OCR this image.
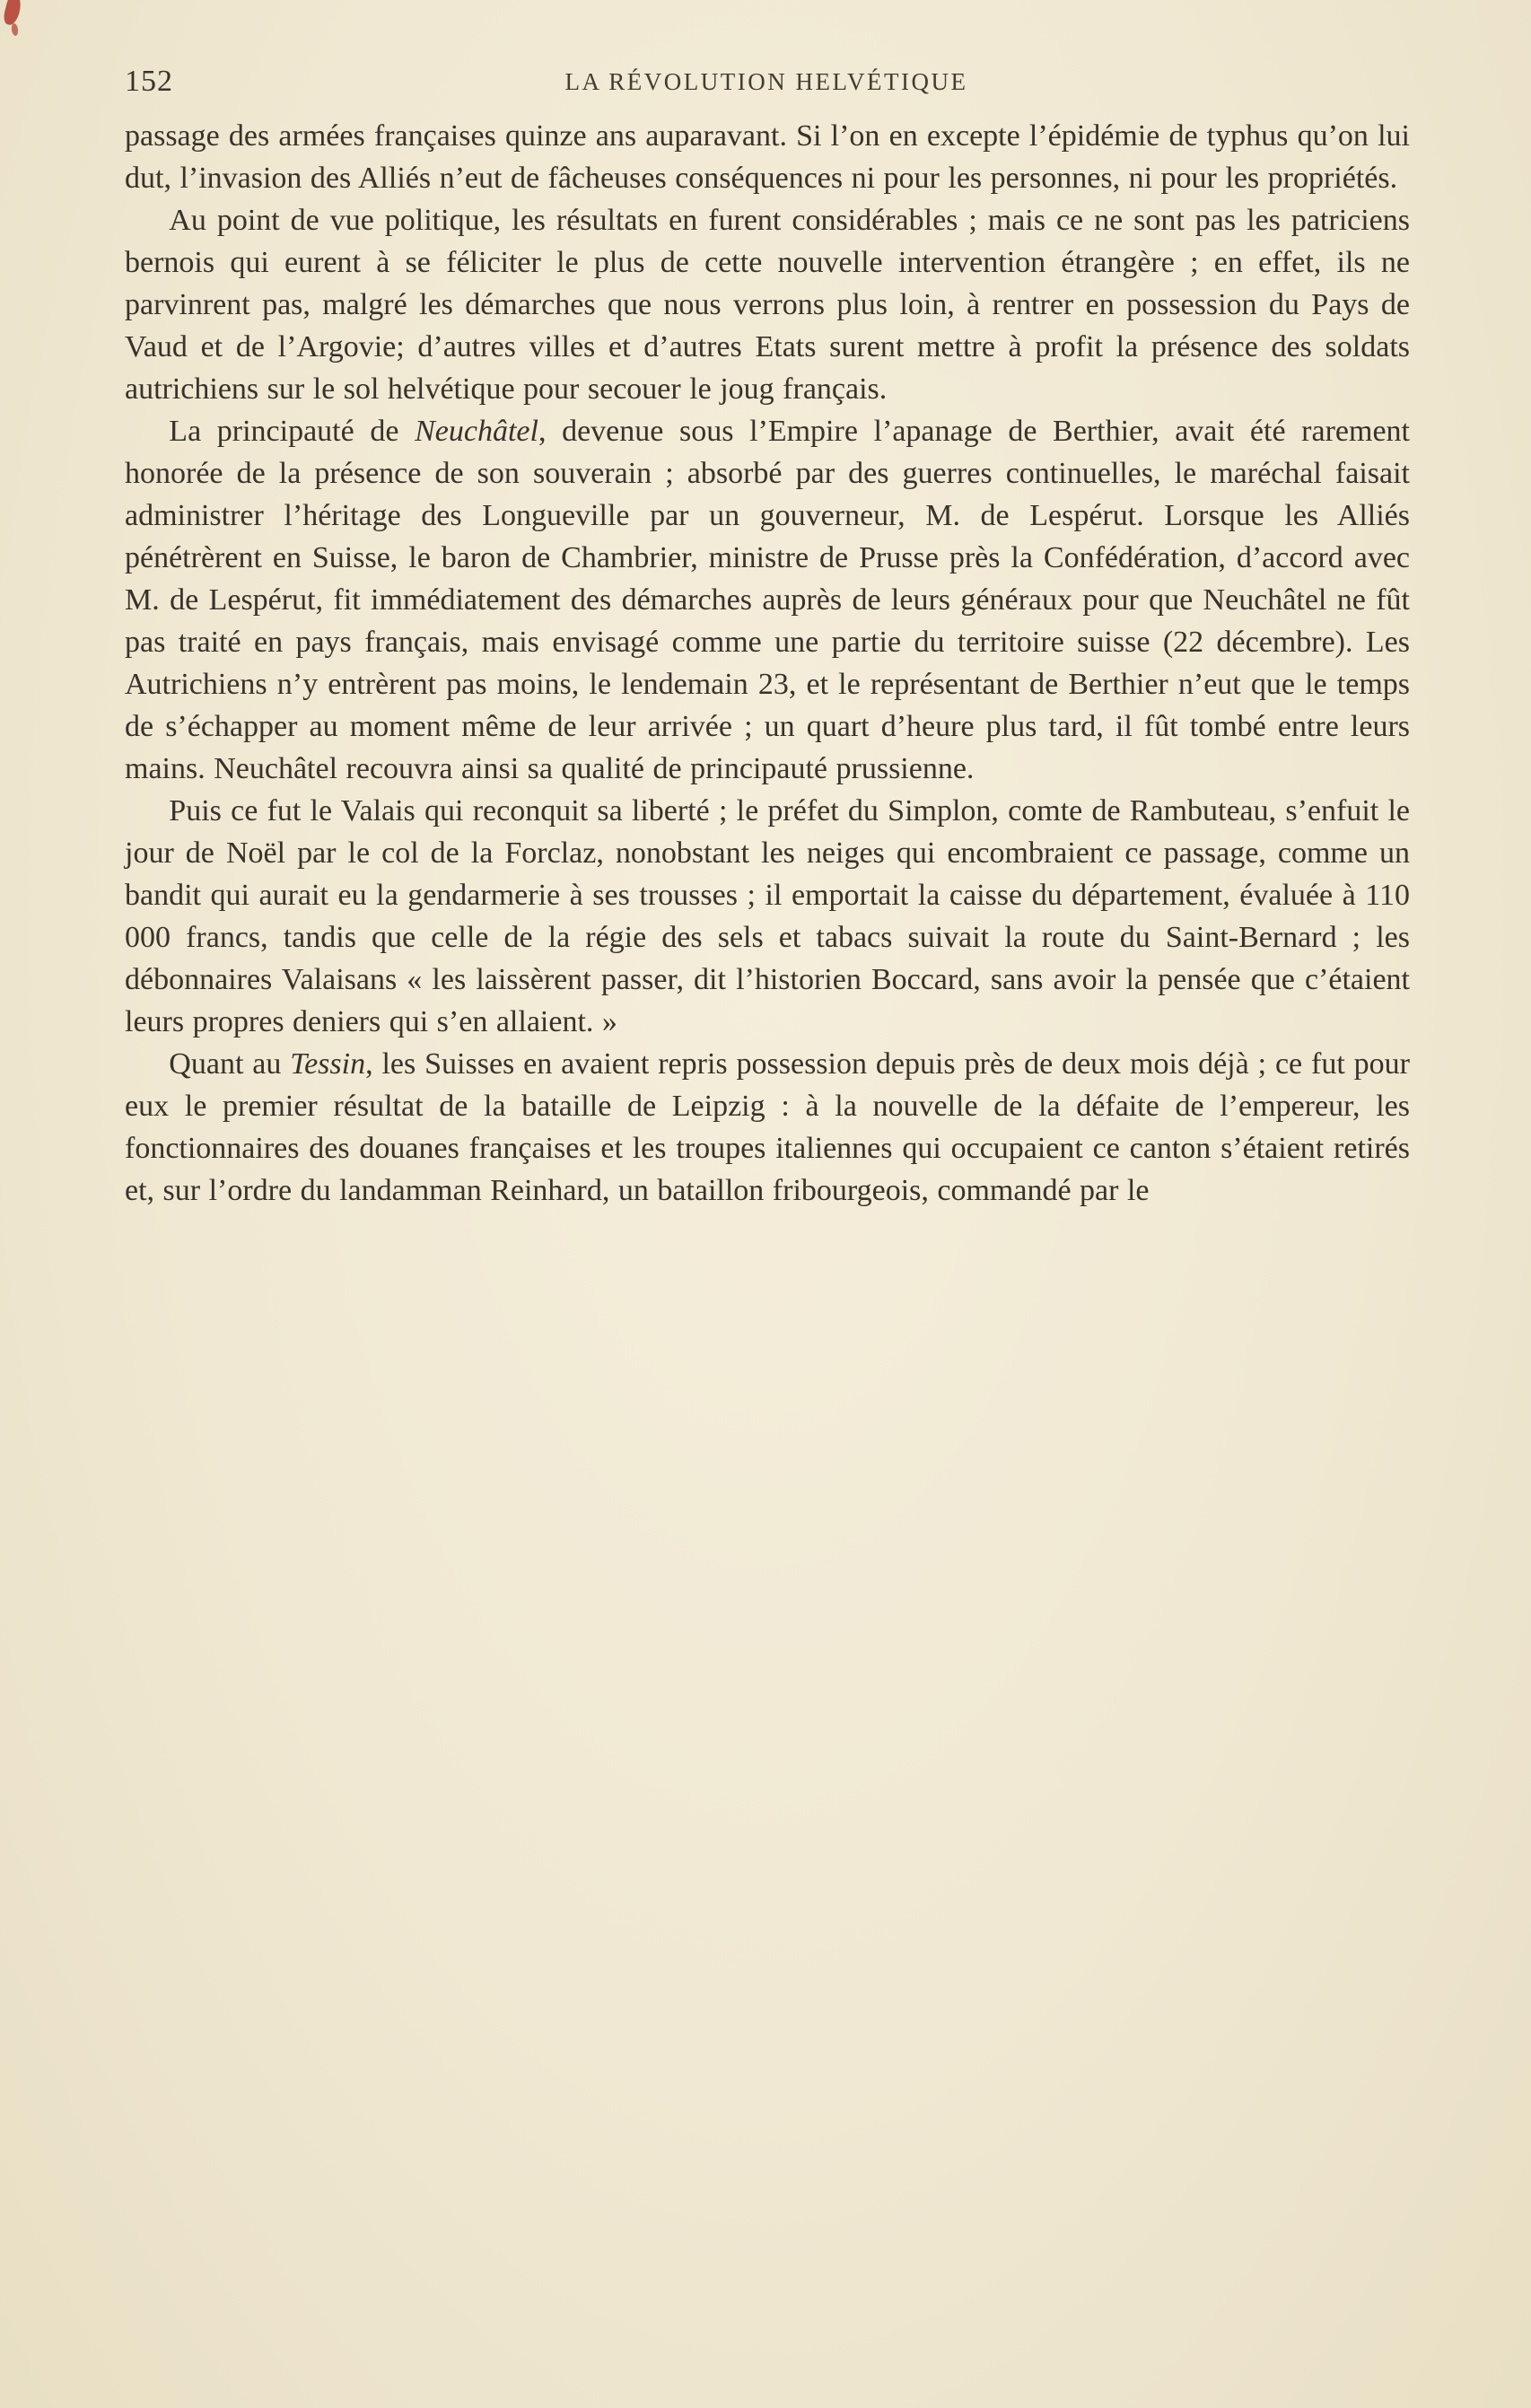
152	LA RÉVOLUTION HELVÉTIQUE

passage des armées françaises quinze ans auparavant. Si l’on en excepte l’épidémie de typhus qu’on lui dut, l’invasion des Alliés n’eut de fâcheuses conséquences ni pour les personnes, ni pour les propriétés.

Au point de vue politique, les résultats en furent considérables ; mais ce ne sont pas les patriciens bernois qui eurent à se féliciter le plus de cette nouvelle intervention étrangère ; en effet, ils ne parvinrent pas, malgré les démarches que nous verrons plus loin, à rentrer en possession du Pays de Vaud et de l’Argovie; d’autres villes et d’autres Etats surent mettre à profit la présence des soldats autrichiens sur le sol helvétique pour secouer le joug français.

La principauté de Neuchâtel, devenue sous l’Empire l’apanage de Berthier, avait été rarement honorée de la présence de son souverain ; absorbé par des guerres continuelles, le maréchal faisait administrer l’héritage des Longueville par un gouverneur, M. de Lespérut. Lorsque les Alliés pénétrèrent en Suisse, le baron de Chambrier, ministre de Prusse près la Confédération, d’accord avec M. de Lespérut, fit immédiatement des démarches auprès de leurs généraux pour que Neuchâtel ne fût pas traité en pays français, mais envisagé comme une partie du territoire suisse (22 décembre). Les Autrichiens n’y entrèrent pas moins, le lendemain 23, et le représentant de Berthier n’eut que le temps de s’échapper au moment même de leur arrivée ; un quart d’heure plus tard, il fût tombé entre leurs mains. Neuchâtel recouvra ainsi sa qualité de principauté prussienne.

Puis ce fut le Valais qui reconquit sa liberté ; le préfet du Simplon, comte de Rambuteau, s’enfuit le jour de Noël par le col de la Forclaz, nonobstant les neiges qui encombraient ce passage, comme un bandit qui aurait eu la gendarmerie à ses trousses ; il emportait la caisse du département, évaluée à 110 000 francs, tandis que celle de la régie des sels et tabacs suivait la route du Saint-Bernard ; les débonnaires Valaisans « les laissèrent passer, dit l’historien Boccard, sans avoir la pensée que c’étaient leurs propres deniers qui s’en allaient. »

Quant au Tessin, les Suisses en avaient repris possession depuis près de deux mois déjà ; ce fut pour eux le premier résultat de la bataille de Leipzig : à la nouvelle de la défaite de l’empereur, les fonctionnaires des douanes françaises et les troupes italiennes qui occupaient ce canton s’étaient retirés et, sur l’ordre du landamman Reinhard, un bataillon fribourgeois, commandé par le
